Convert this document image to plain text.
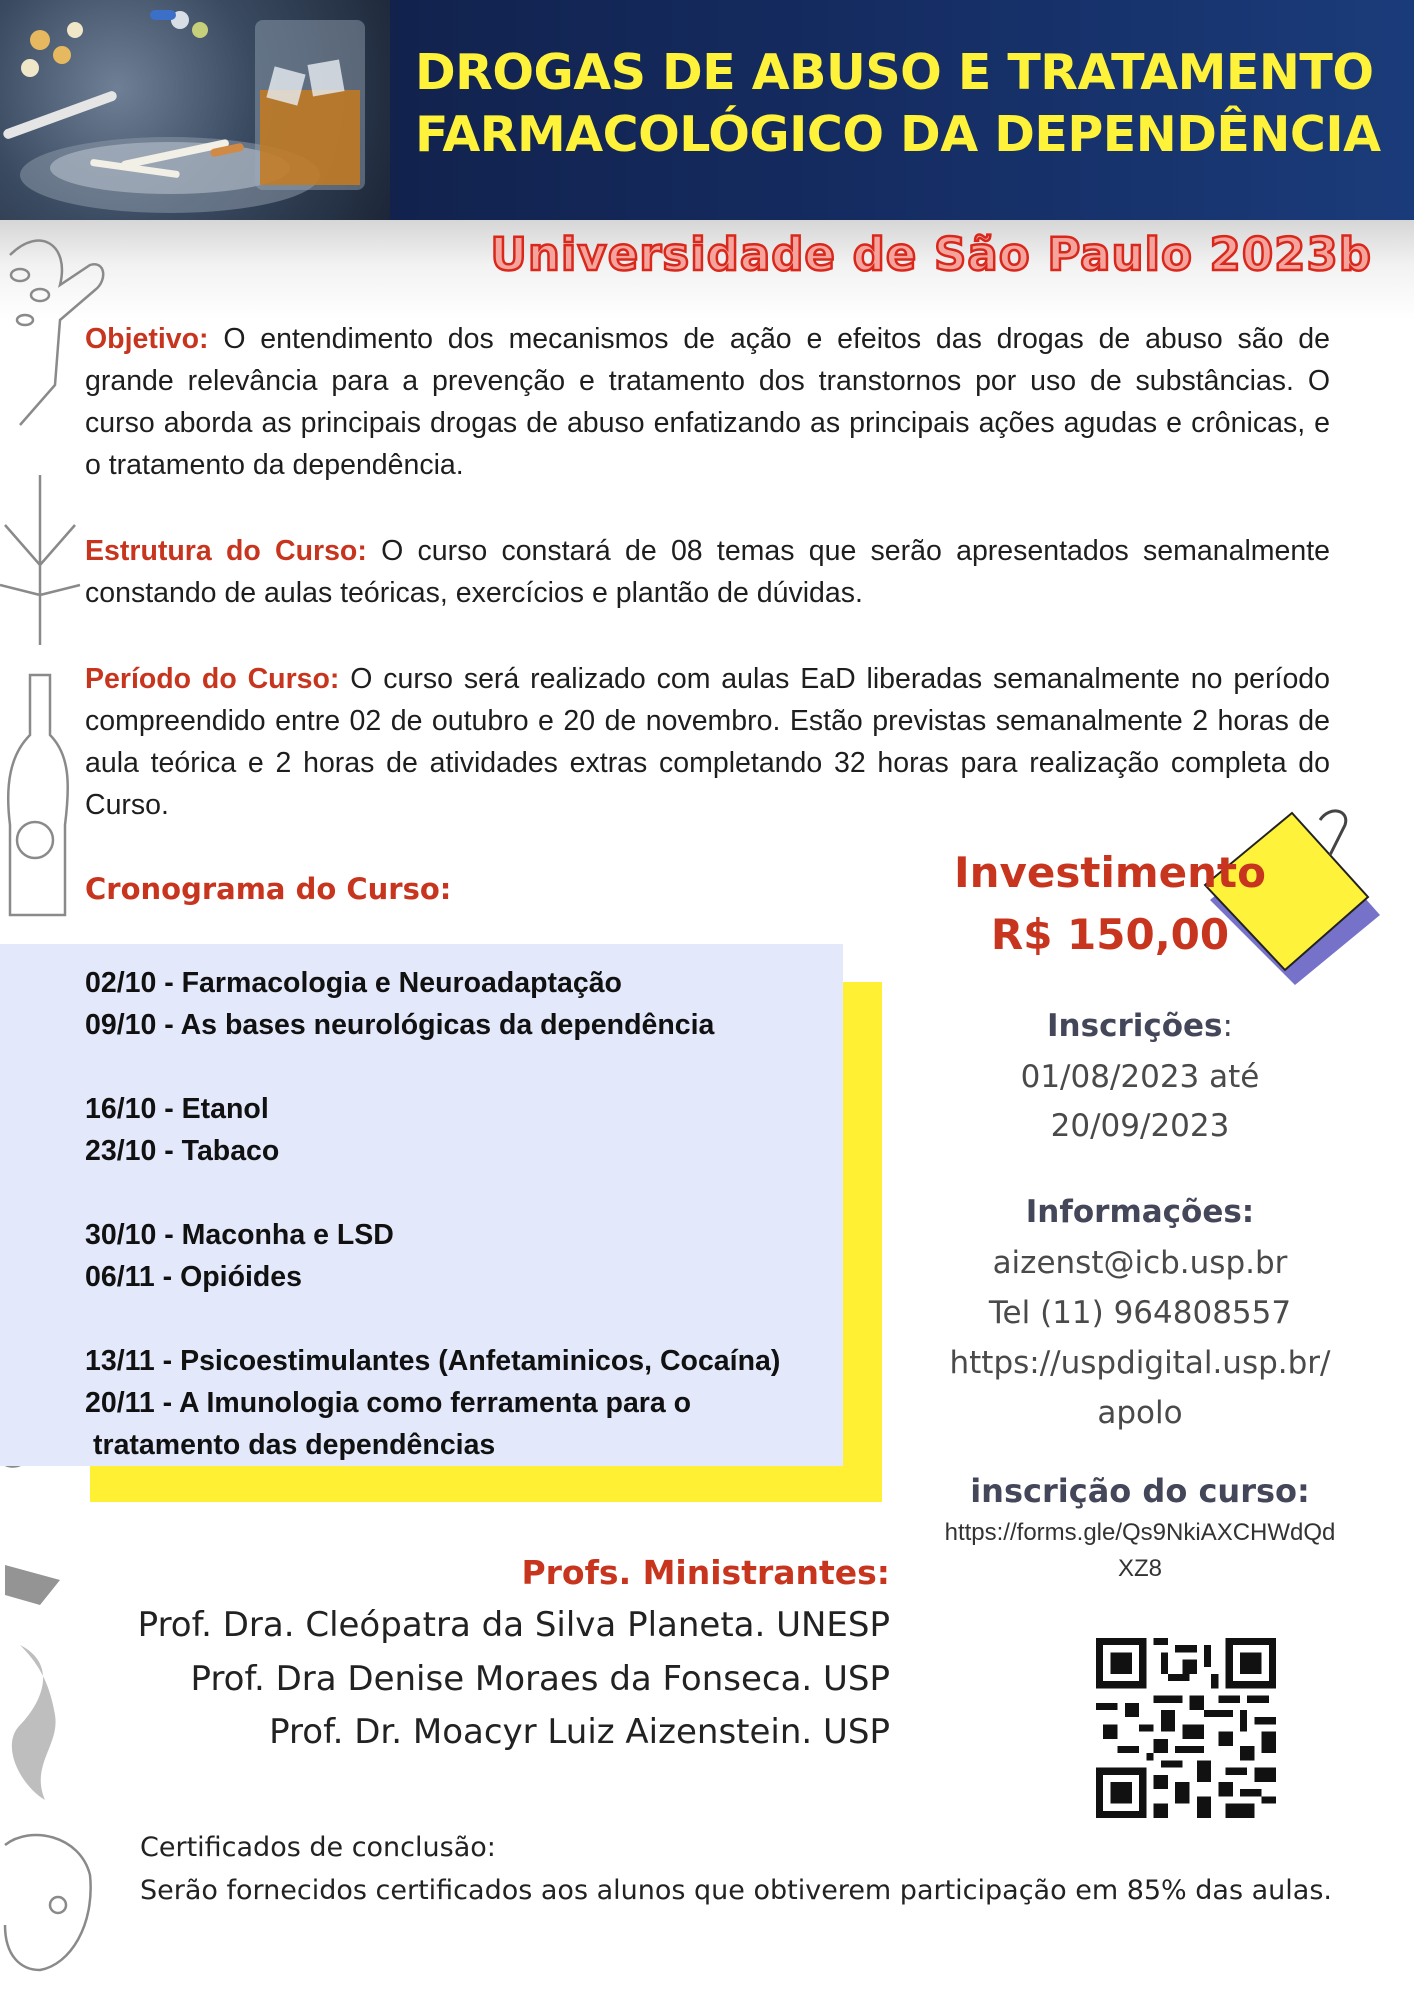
DROGAS DE ABUSO E TRATAMENTO
FARMACOLÓGICO DA DEPENDÊNCIA

Universidade de São Paulo 2023b

Objetivo: O entendimento dos mecanismos de ação e efeitos das drogas de abuso são de grande relevância para a prevenção e tratamento dos transtornos por uso de substâncias. O curso aborda as principais drogas de abuso enfatizando as principais ações agudas e crônicas, e o tratamento da dependência.

Estrutura do Curso: O curso constará de 08 temas que serão apresentados semanalmente constando de aulas teóricas, exercícios e plantão de dúvidas.

Período do Curso: O curso será realizado com aulas EaD liberadas semanalmente no período compreendido entre 02 de outubro e 20 de novembro. Estão previstas semanalmente 2 horas de aula teórica e 2 horas de atividades extras completando 32 horas para realização completa do Curso.

Cronograma do Curso:

02/10 - Farmacologia e Neuroadaptação

09/10 - As bases neurológicas da dependência

16/10 - Etanol

23/10 - Tabaco

30/10 - Maconha e LSD

06/11 - Opióides

13/11 - Psicoestimulantes (Anfetaminicos, Cocaína)

20/11 - A Imunologia como ferramenta para o

tratamento das dependências

Investimento

R$ 150,00

Inscrições:

01/08/2023 até

20/09/2023

Informações:

aizenst@icb.usp.br

Tel (11) 964808557

https://uspdigital.usp.br/

apolo

inscrição do curso:

https://forms.gle/Qs9NkiAXCHWdQd

XZ8

Profs. Ministrantes:

Prof. Dra. Cleópatra da Silva Planeta. UNESP

Prof. Dra Denise Moraes da Fonseca. USP

Prof. Dr. Moacyr Luiz Aizenstein. USP

Certificados de conclusão:

Serão fornecidos certificados aos alunos que obtiverem participação em 85% das aulas.
